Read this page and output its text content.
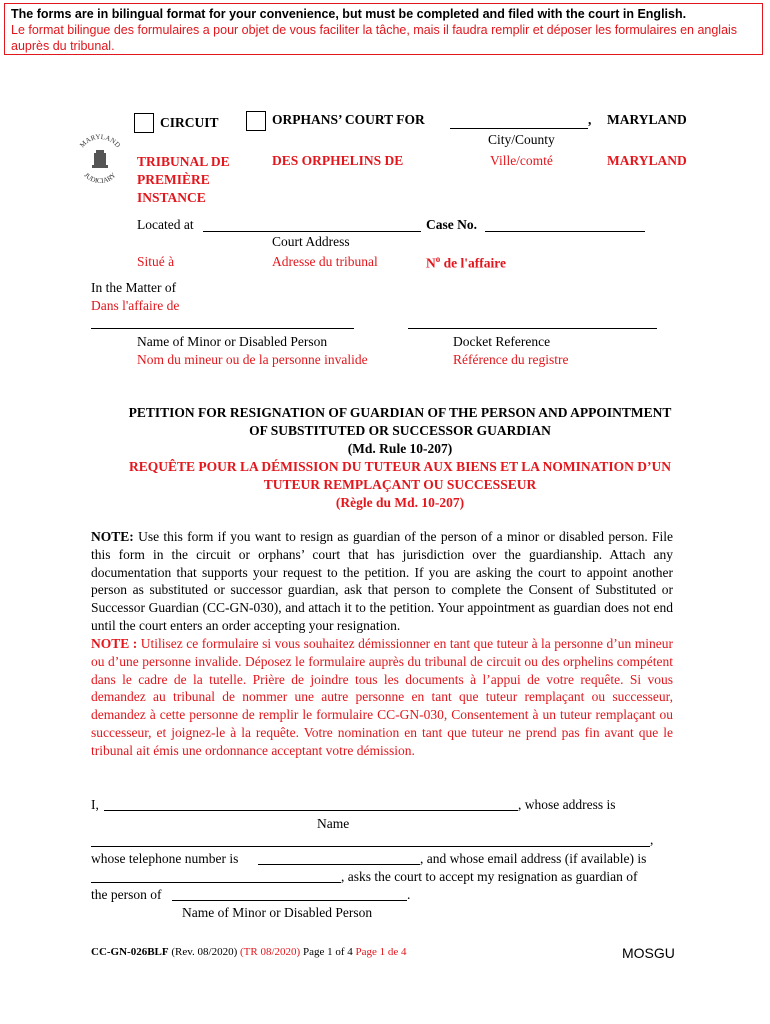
The forms are in bilingual format for your convenience, but must be completed and filed with the court in English.
Le format bilingue des formulaires a pour objet de vous faciliter la tâche, mais il faudra remplir et déposer les formulaires en anglais auprès du tribunal.
MARYLAND
JUDICIARY
CIRCUIT	ORPHANS’ COURT FOR	, MARYLAND
City/County
TRIBUNAL DE PREMIÈRE INSTANCE
DES ORPHELINS DE	Ville/comté	MARYLAND
Located at	Case No.
Court Address
Situé à	Adresse du tribunal	$N^o$ de l'affaire
In the Matter of
Dans l'affaire de
Name of Minor or Disabled Person
Nom du mineur ou de la personne invalide
Docket Reference
Référence du registre
PETITION FOR RESIGNATION OF GUARDIAN OF THE PERSON AND APPOINTMENT
OF SUBSTITUTED OR SUCCESSOR GUARDIAN
(Md. Rule 10-207)
REQUÊTE POUR LA DÉMISSION DU TUTEUR AUX BIENS ET LA NOMINATION D’UN
TUTEUR REMPLAÇANT OU SUCCESSEUR
(Règle du Md. 10-207)
NOTE: Use this form if you want to resign as guardian of the person of a minor or disabled person. File this form in the circuit or orphans’ court that has jurisdiction over the guardianship. Attach any documentation that supports your request to the petition. If you are asking the court to appoint another person as substituted or successor guardian, ask that person to complete the Consent of Substituted or Successor Guardian (CC-GN-030), and attach it to the petition. Your appointment as guardian does not end until the court enters an order accepting your resignation.
NOTE : Utilisez ce formulaire si vous souhaitez démissionner en tant que tuteur à la personne d’un mineur ou d’une personne invalide. Déposez le formulaire auprès du tribunal de circuit ou des orphelins compétent dans le cadre de la tutelle. Prière de joindre tous les documents à l’appui de votre requête. Si vous demandez au tribunal de nommer une autre personne en tant que tuteur remplaçant ou successeur, demandez à cette personne de remplir le formulaire CC-GN-030, Consentement à un tuteur remplaçant ou successeur, et joignez-le à la requête. Votre nomination en tant que tuteur ne prend pas fin avant que le tribunal ait émis une ordonnance acceptant votre démission.
I,	, whose address is
Name
,
whose telephone number is	, and whose email address (if available) is
, asks the court to accept my resignation as guardian of
the person of	.
Name of Minor or Disabled Person
CC-GN-026BLF (Rev. 08/2020) (TR 08/2020) Page 1 of 4 Page 1 de 4	MOSGU
